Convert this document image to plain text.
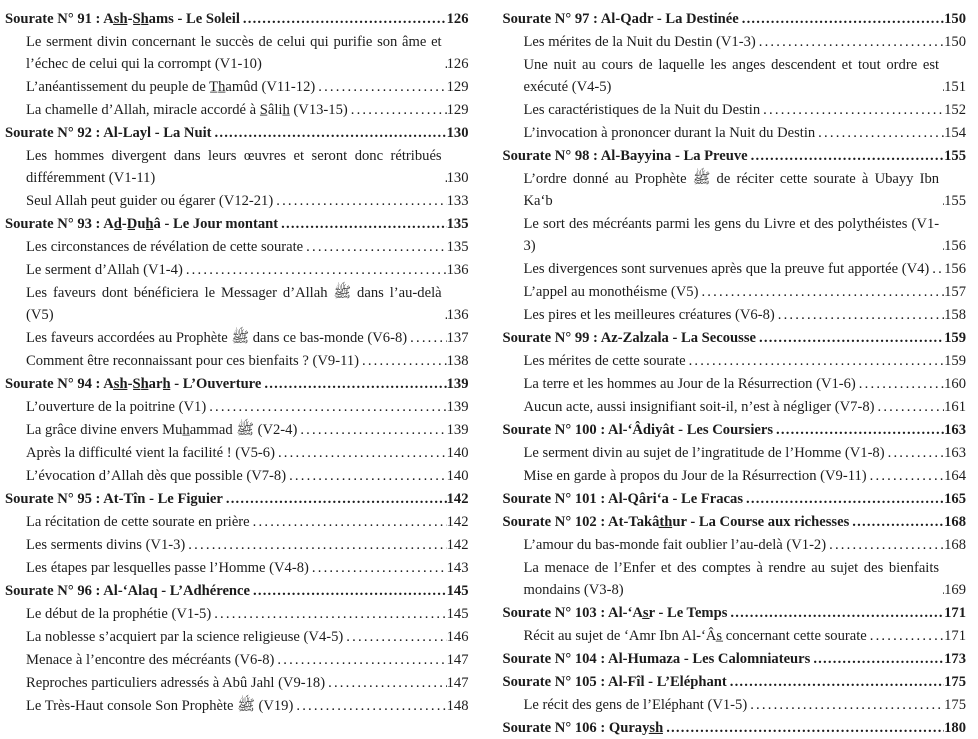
Sourate N° 91 : As̲h̲-S̲h̲ams - Le Soleil .....	126
Le serment divin concernant le succès de celui qui purifie son âme et l’échec de celui qui la corrompt (V1-10) .....	126
L’anéantissement du peuple de T̲h̲amûd (V11-12) .....	129
La chamelle d’Allah, miracle accordé à S̲âlih̲ (V13-15) .....	129
Sourate N° 92 : Al-Layl - La Nuit .....	130
Les hommes divergent dans leurs œuvres et seront donc rétribués différemment (V1-11) .....	130
Seul Allah peut guider ou égarer (V12-21) .....	133
Sourate N° 93 : Ad̲-D̲uh̲â - Le Jour montant .....	135
Les circonstances de révélation de cette sourate .....	135
Le serment d’Allah (V1-4) .....	136
Les faveurs dont bénéficiera le Messager d’Allah ﷺ dans l’au-delà (V5) .....	136
Les faveurs accordées au Prophète ﷺ dans ce bas-monde (V6-8) .....	137
Comment être reconnaissant pour ces bienfaits ? (V9-11) .....	138
Sourate N° 94 : As̲h̲-S̲h̲arh̲ - L’Ouverture .....	139
L’ouverture de la poitrine (V1) .....	139
La grâce divine envers Muh̲ammad ﷺ (V2-4) .....	139
Après la difficulté vient la facilité ! (V5-6) .....	140
L’évocation d’Allah dès que possible (V7-8) .....	140
Sourate N° 95 : At-Tîn - Le Figuier .....	142
La récitation de cette sourate en prière .....	142
Les serments divins (V1-3) .....	142
Les étapes par lesquelles passe l’Homme (V4-8) .....	143
Sourate N° 96 : Al-‘Alaq - L’Adhérence .....	145
Le début de la prophétie (V1-5) .....	145
La noblesse s’acquiert par la science religieuse (V4-5) .....	146
Menace à l’encontre des mécréants (V6-8) .....	147
Reproches particuliers adressés à Abû Jahl (V9-18) .....	147
Le Très-Haut console Son Prophète ﷺ (V19) .....	148
Sourate N° 97 : Al-Qadr - La Destinée .....	150
Les mérites de la Nuit du Destin (V1-3) .....	150
Une nuit au cours de laquelle les anges descendent et tout ordre est exécuté (V4-5) .....	151
Les caractéristiques de la Nuit du Destin .....	152
L’invocation à prononcer durant la Nuit du Destin .....	154
Sourate N° 98 : Al-Bayyina - La Preuve .....	155
L’ordre donné au Prophète ﷺ de réciter cette sourate à Ubayy Ibn Ka‘b .....	155
Le sort des mécréants parmi les gens du Livre et des polythéistes (V1-3) .....	156
Les divergences sont survenues après que la preuve fut apportée (V4) ..... 156
L’appel au monothéisme (V5) .....	157
Les pires et les meilleures créatures (V6-8) .....	158
Sourate N° 99 : Az-Zalzala - La Secousse .....	159
Les mérites de cette sourate .....	159
La terre et les hommes au Jour de la Résurrection (V1-6) .....	160
Aucun acte, aussi insignifiant soit-il, n’est à négliger (V7-8) .....	161
Sourate N° 100 : Al-‘Âdiyât - Les Coursiers .....	163
Le serment divin au sujet de l’ingratitude de l’Homme (V1-8) .....	163
Mise en garde à propos du Jour de la Résurrection (V9-11) .....	164
Sourate N° 101 : Al-Qâri‘a - Le Fracas .....	165
Sourate N° 102 : At-Takât̲h̲ur - La Course aux richesses .....	168
L’amour du bas-monde fait oublier l’au-delà (V1-2) .....	168
La menace de l’Enfer et des comptes à rendre au sujet des bienfaits mondains (V3-8) .....	169
Sourate N° 103 : Al-‘As̲r - Le Temps .....	171
Récit au sujet de ‘Amr Ibn Al-‘Âs̲ concernant cette sourate .....	171
Sourate N° 104 : Al-Humaza - Les Calomniateurs .....	173
Sourate N° 105 : Al-Fîl - L’Eléphant .....	175
Le récit des gens de l’Eléphant (V1-5) .....	175
Sourate N° 106 : Qurays̲h̲ .....	180
